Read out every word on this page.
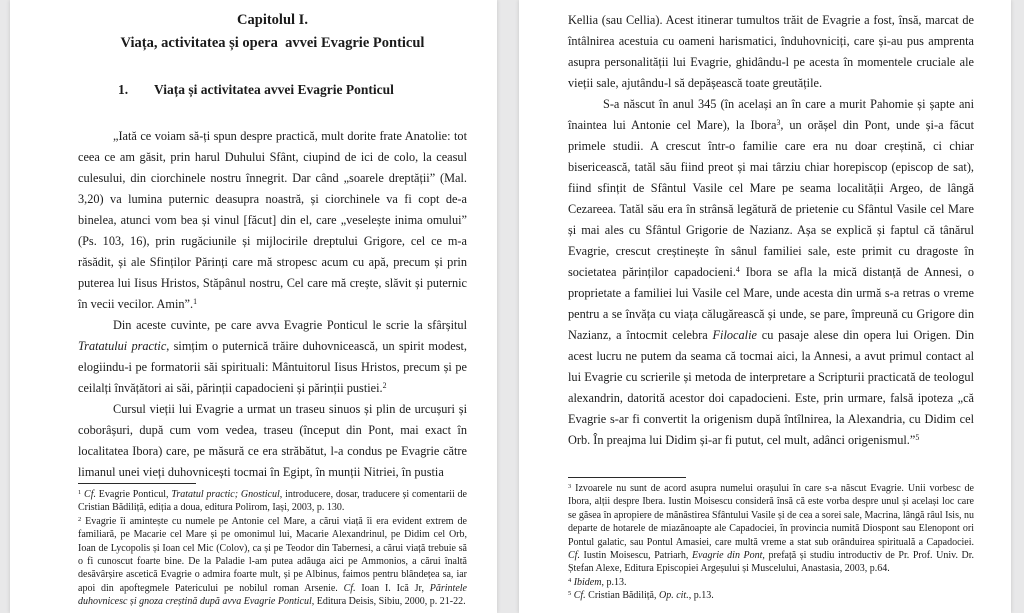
Capitolul I.
Viața, activitatea și opera  avvei Evagrie Ponticul
1. Viața și activitatea avvei Evagrie Ponticul

„Iată ce voiam să-ți spun despre practică, mult dorite frate Anatolie: tot ceea ce am găsit, prin harul Duhului Sfânt, ciupind de ici de colo, la ceasul culesului, din ciorchinele nostru înnegrit. Dar când „soarele dreptății” (Mal. 3,20) va lumina puternic deasupra noastră, și ciorchinele va fi copt de-a binelea, atunci vom bea și vinul [făcut] din el, care „veselește inima omului” (Ps. 103, 16), prin rugăciunile și mijlocirile dreptului Grigore, cel ce m-a răsădit, și ale Sfinților Părinți care mă stropesc acum cu apă, precum și prin puterea lui Iisus Hristos, Stăpânul nostru, Cel care mă crește, slăvit și puternic în vecii vecilor. Amin”.$^1$

Din aceste cuvinte, pe care avva Evagrie Ponticul le scrie la sfârșitul Tratatului practic, simțim o puternică trăire duhovnicească, un spirit modest, elogiindu-i pe formatorii săi spirituali: Mântuitorul Iisus Hristos, precum și pe ceilalți învățători ai săi, părinții capadocieni și părinții pustiei.$^2$

Cursul vieții lui Evagrie a urmat un traseu sinuos și plin de urcușuri și coborâșuri, după cum vom vedea, traseu (început din Pont, mai exact în localitatea Ibora) care, pe măsură ce era străbătut, l-a condus pe Evagrie către limanul unei vieți duhovnicești tocmai în Egipt, în munții Nitriei, în pustia

$^1$ Cf. Evagrie Ponticul, Tratatul practic; Gnosticul, introducere, dosar, traducere și comentarii de Cristian Bădiliță, ediția a doua, editura Polirom, Iași, 2003, p. 130.
$^2$ Evagrie îi amintește cu numele pe Antonie cel Mare, a cărui viață îi era evident extrem de familiară, pe Macarie cel Mare și pe omonimul lui, Macarie Alexandrinul, pe Didim cel Orb, Ioan de Lycopolis și Ioan cel Mic (Colov), ca și pe Teodor din Tabernesi, a cărui viață trebuie să o fi cunoscut foarte bine. De la Paladie l-am putea adăuga aici pe Ammonios, a cărui înaltă desăvârșire ascetică Evagrie o admira foarte mult, și pe Albinus, faimos pentru blândețea sa, iar apoi din apoftegmele Patericului pe nobilul roman Arsenie. Cf. Ioan I. Ică Jr, Părintele duhovnicesc și gnoza creștină după avva Evagrie Ponticul, Editura Deisis, Sibiu, 2000, p. 21-22.

Kellia (sau Cellia). Acest itinerar tumultos trăit de Evagrie a fost, însă, marcat de întâlnirea acestuia cu oameni harismatici, înduhovniciți, care și-au pus amprenta asupra personalității lui Evagrie, ghidându-l pe acesta în momentele cruciale ale vieții sale, ajutându-l să depășească toate greutățile.

S-a născut în anul 345 (în același an în care a murit Pahomie și șapte ani înaintea lui Antonie cel Mare), la Ibora$^3$, un orășel din Pont, unde și-a făcut primele studii. A crescut într-o familie care era nu doar creștină, ci chiar bisericească, tatăl său fiind preot și mai târziu chiar horepiscop (episcop de sat), fiind sfințit de Sfântul Vasile cel Mare pe seama localității Argeo, de lângă Cezareea. Tatăl său era în strânsă legătură de prietenie cu Sfântul Vasile cel Mare și mai ales cu Sfântul Grigorie de Nazianz. Așa se explică și faptul că tânărul Evagrie, crescut creștinește în sânul familiei sale, este primit cu dragoste în societatea părinților capadocieni.$^4$ Ibora se afla la mică distanță de Annesi, o proprietate a familiei lui Vasile cel Mare, unde acesta din urmă s-a retras o vreme pentru a se învăța cu viața călugărească și unde, se pare, împreună cu Grigore din Nazianz, a întocmit celebra Filocalie cu pasaje alese din opera lui Origen. Din acest lucru ne putem da seama că tocmai aici, la Annesi, a avut primul contact al lui Evagrie cu scrierile și metoda de interpretare a Scripturii practicată de teologul alexandrin, datorită acestor doi capadocieni. Este, prin urmare, falsă ipoteza „că Evagrie s-ar fi convertit la origenism după întîlnirea, la Alexandria, cu Didim cel Orb. În preajma lui Didim și-ar fi putut, cel mult, adânci origenismul.”$^5$

$^3$ Izvoarele nu sunt de acord asupra numelui orașului în care s-a născut Evagrie. Unii vorbesc de Ibora, alții despre Ibera. Iustin Moisescu consideră însă că este vorba despre unul și același loc care se găsea în apropiere de mănăstirea Sfântului Vasile și de cea a sorei sale, Macrina, lângă râul Isis, nu departe de hotarele de miazănoapte ale Capadociei, în provincia numită Diospont sau Elenopont ori Pontul galatic, sau Pontul Amasiei, care multă vreme a stat sub orânduirea spirituală a Capadociei. Cf. Iustin Moisescu, Patriarh, Evagrie din Pont, prefață și studiu introductiv de Pr. Prof. Univ. Dr. Ștefan Alexe, Editura Episcopiei Argeșului și Muscelului, Anastasia, 2003, p.64.
$^4$ Ibidem, p.13.
$^5$ Cf. Cristian Bădiliță, Op. cit., p.13.
